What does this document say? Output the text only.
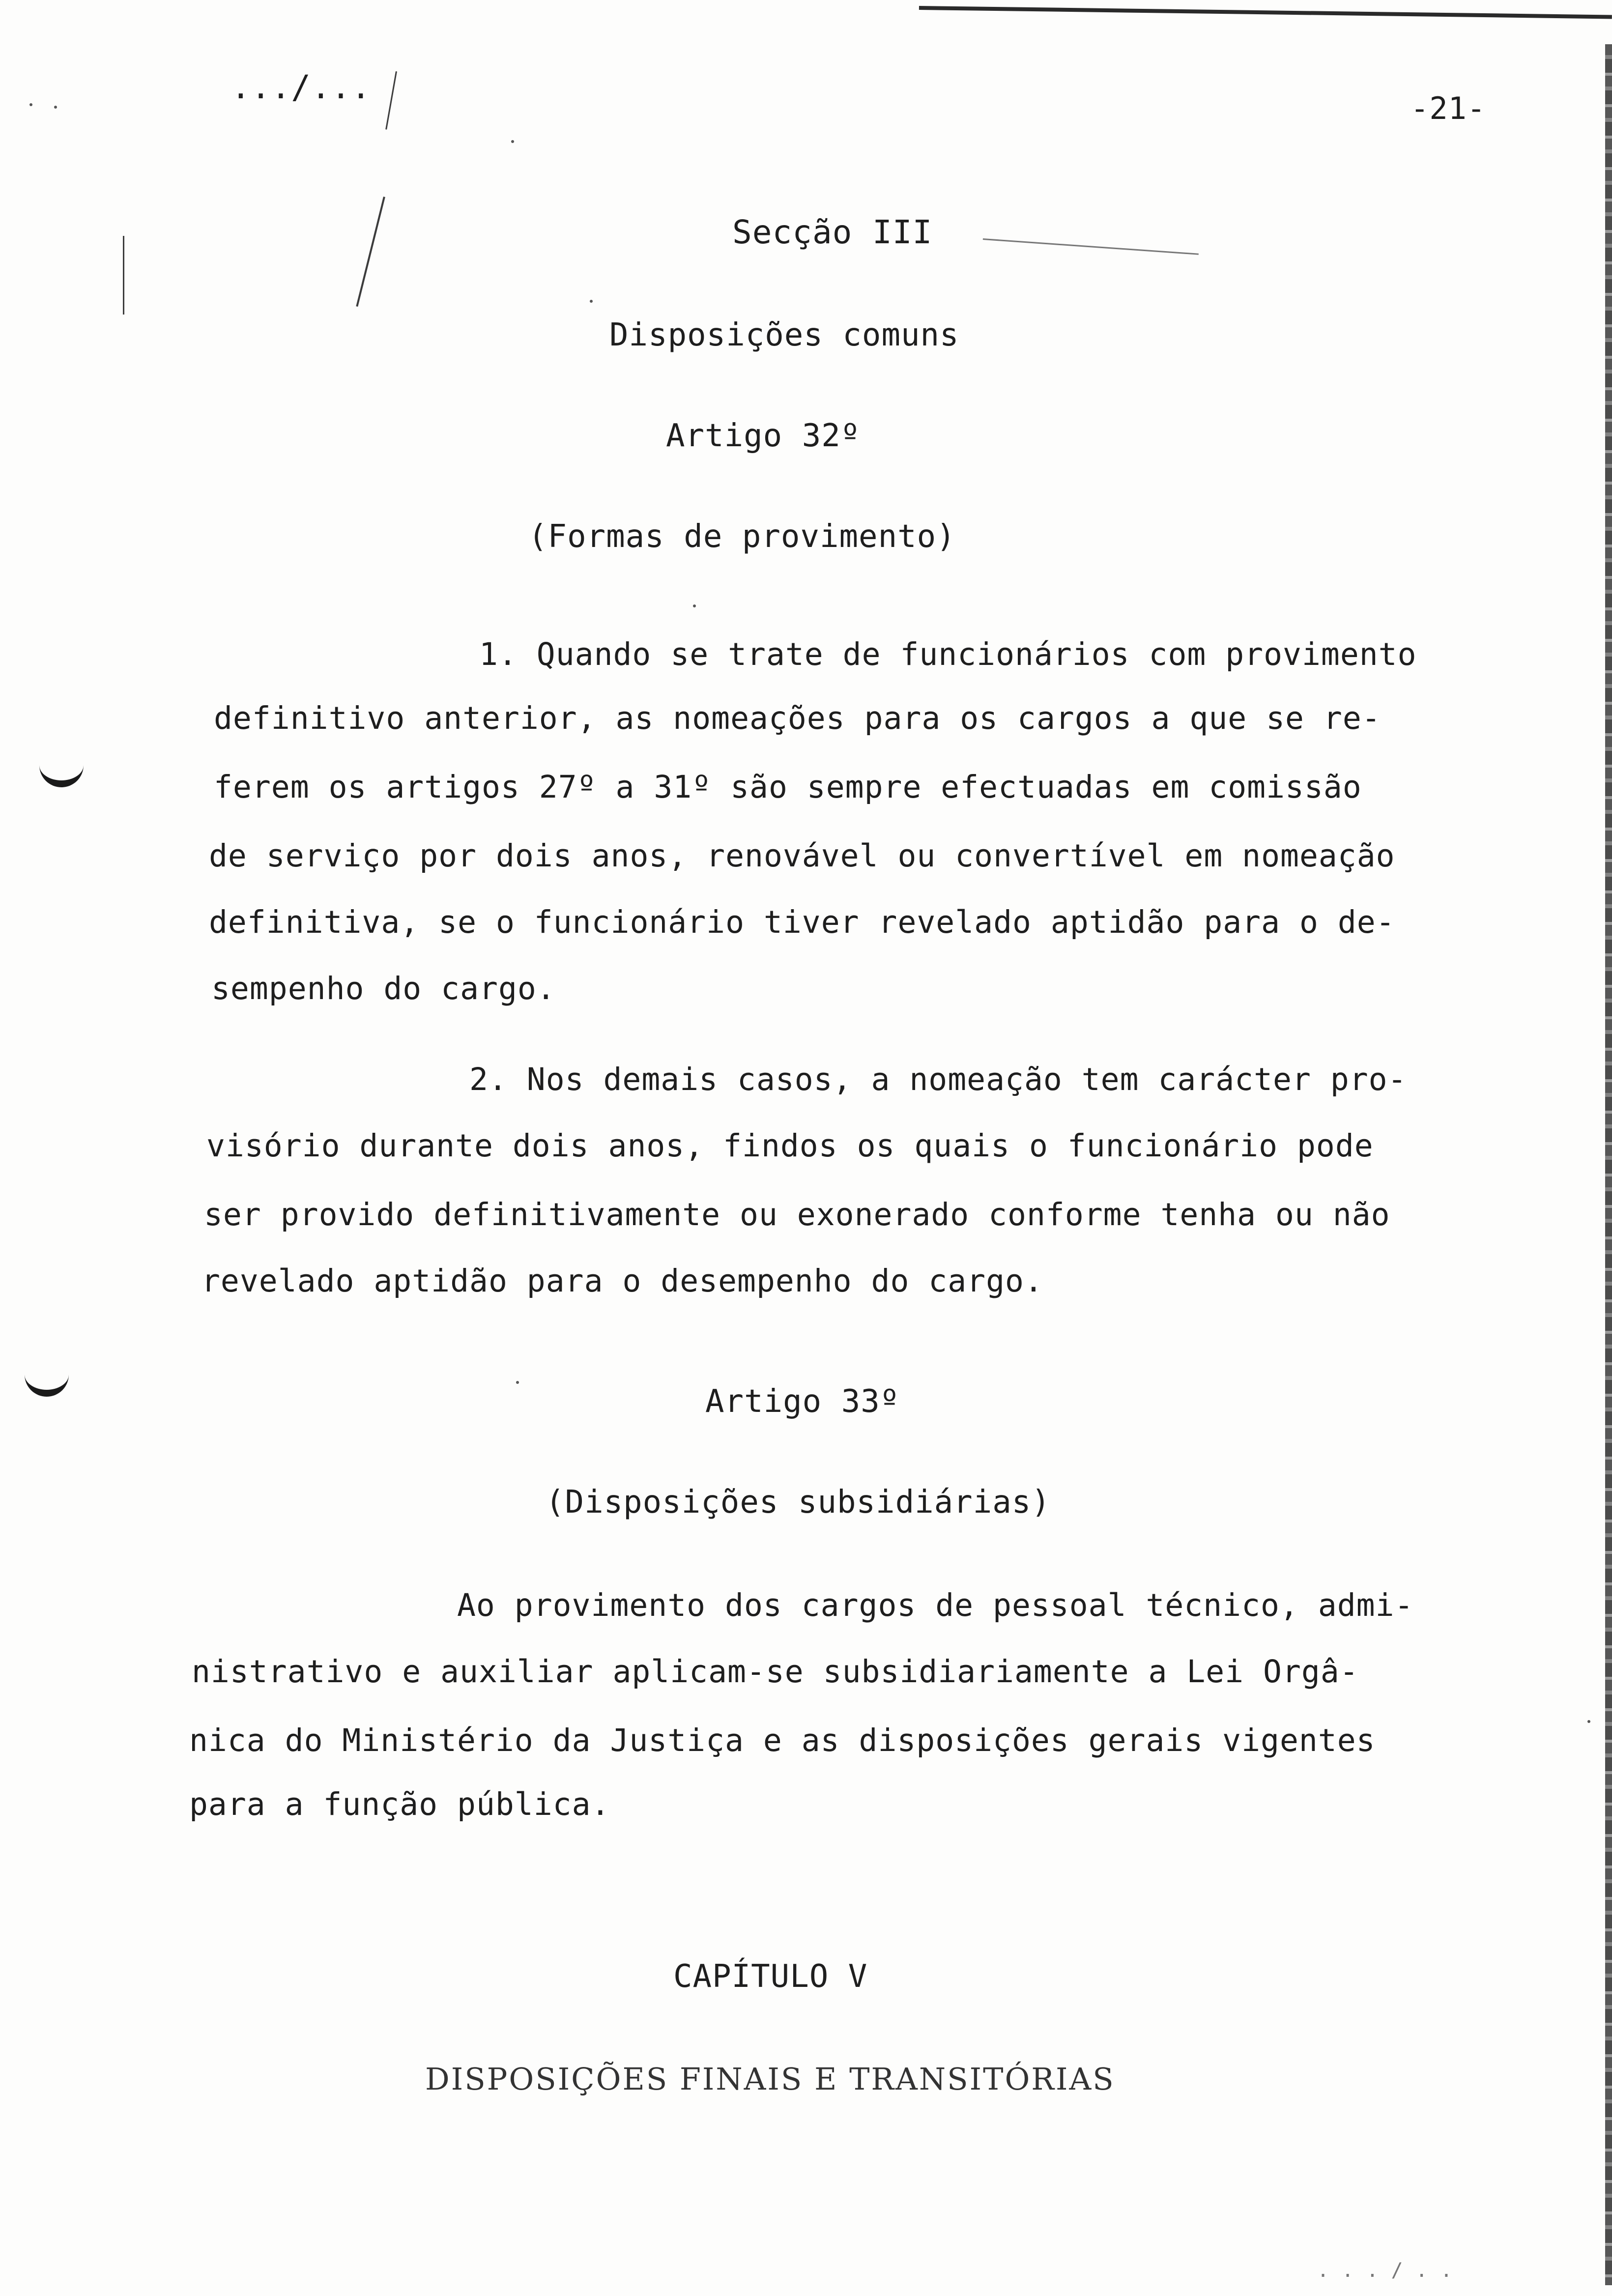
.../...
-21-
Secção III
Disposições comuns
Artigo 32º
(Formas de provimento)
1. Quando se trate de funcionários com provimento
definitivo anterior, as nomeações para os cargos a que se re-
ferem os artigos 27º a 31º são sempre efectuadas em comissão
de serviço por dois anos, renovável ou convertível em nomeação
definitiva, se o funcionário tiver revelado aptidão para o de-
sempenho do cargo.
2. Nos demais casos, a nomeação tem carácter pro-
visório durante dois anos, findos os quais o funcionário pode
ser provido definitivamente ou exonerado conforme tenha ou não
revelado aptidão para o desempenho do cargo.
Artigo 33º
(Disposições subsidiárias)
Ao provimento dos cargos de pessoal técnico, admi-
nistrativo e auxiliar aplicam-se subsidiariamente a Lei Orgâ-
nica do Ministério da Justiça e as disposições gerais vigentes
para a função pública.
CAPÍTULO V
DISPOSIÇÕES FINAIS E TRANSITÓRIAS
. . . / . .
